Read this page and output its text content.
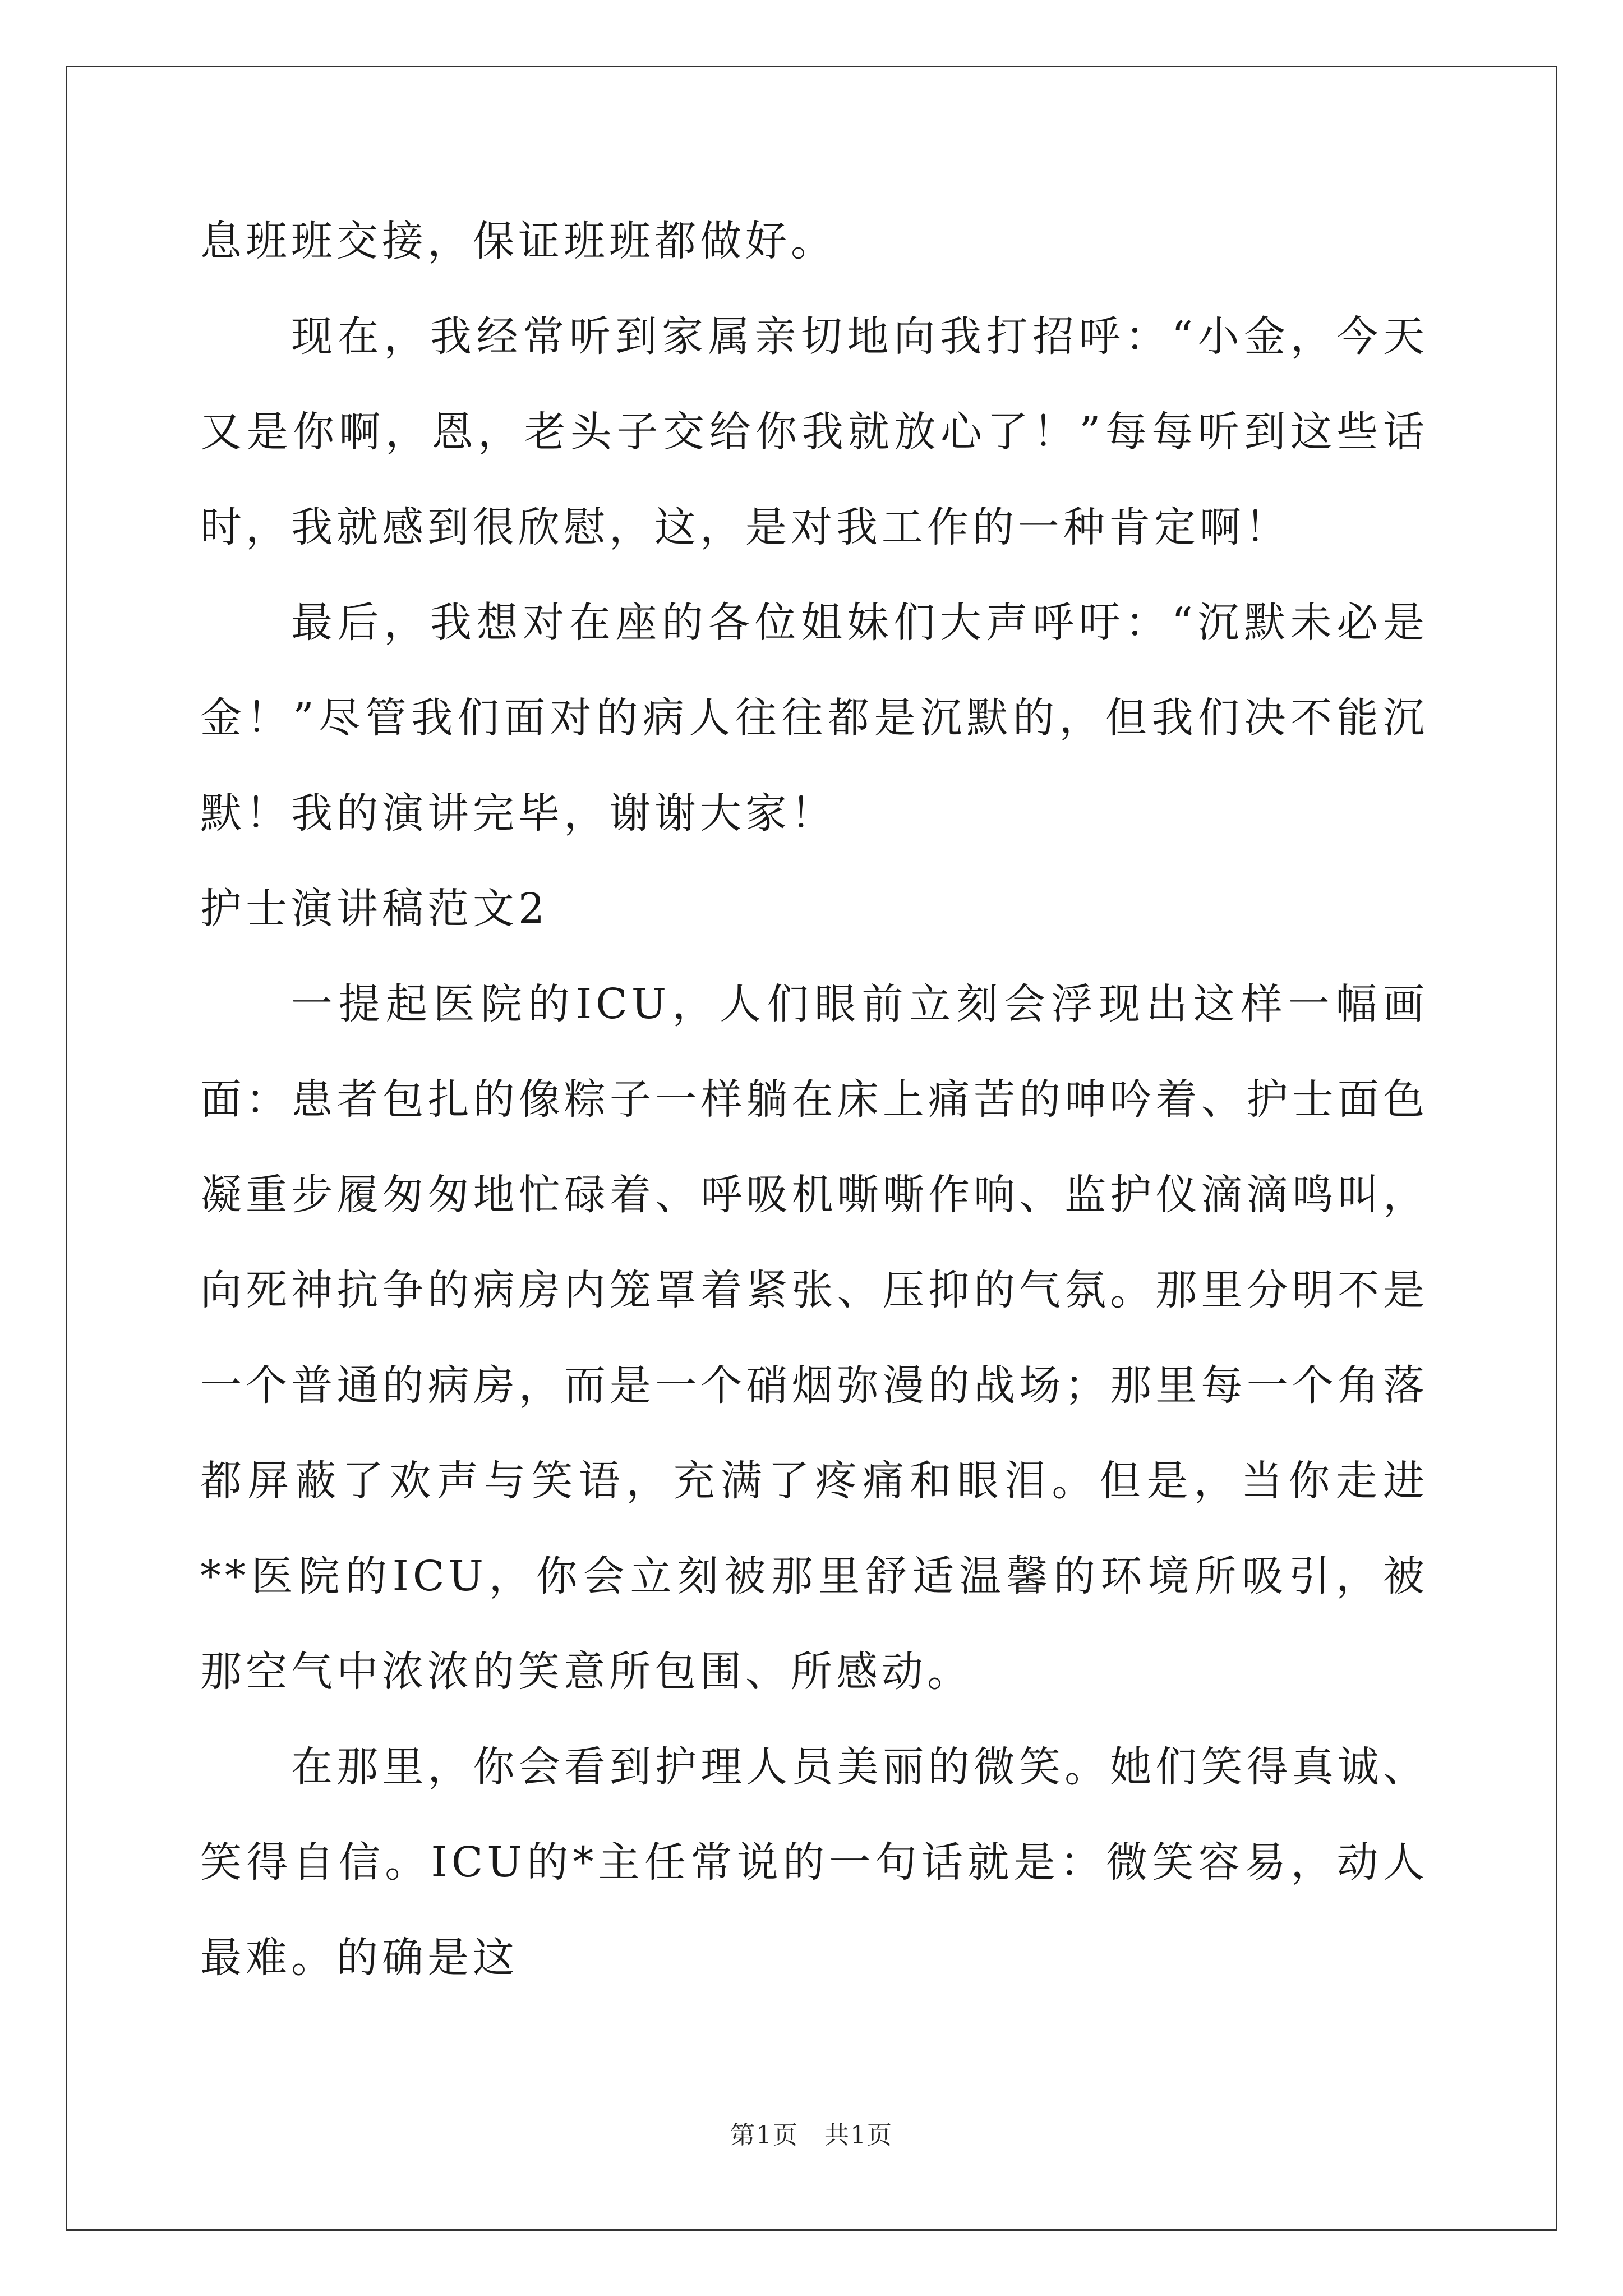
息班班交接，保证班班都做好。

现在，我经常听到家属亲切地向我打招呼：“小金，今天又是你啊，恩，老头子交给你我就放心了！”每每听到这些话时，我就感到很欣慰，这，是对我工作的一种肯定啊！

最后，我想对在座的各位姐妹们大声呼吁：“沉默未必是金！”尽管我们面对的病人往往都是沉默的，但我们决不能沉默！我的演讲完毕，谢谢大家！

护士演讲稿范文2

一提起医院的ICU，人们眼前立刻会浮现出这样一幅画面：患者包扎的像粽子一样躺在床上痛苦的呻吟着、护士面色凝重步履匆匆地忙碌着、呼吸机嘶嘶作响、监护仪滴滴鸣叫，向死神抗争的病房内笼罩着紧张、压抑的气氛。那里分明不是一个普通的病房，而是一个硝烟弥漫的战场；那里每一个角落都屏蔽了欢声与笑语，充满了疼痛和眼泪。但是，当你走进**医院的ICU，你会立刻被那里舒适温馨的环境所吸引，被那空气中浓浓的笑意所包围、所感动。

在那里，你会看到护理人员美丽的微笑。她们笑得真诚、笑得自信。ICU的*主任常说的一句话就是：微笑容易，动人最难。的确是这

第1页　共1页
